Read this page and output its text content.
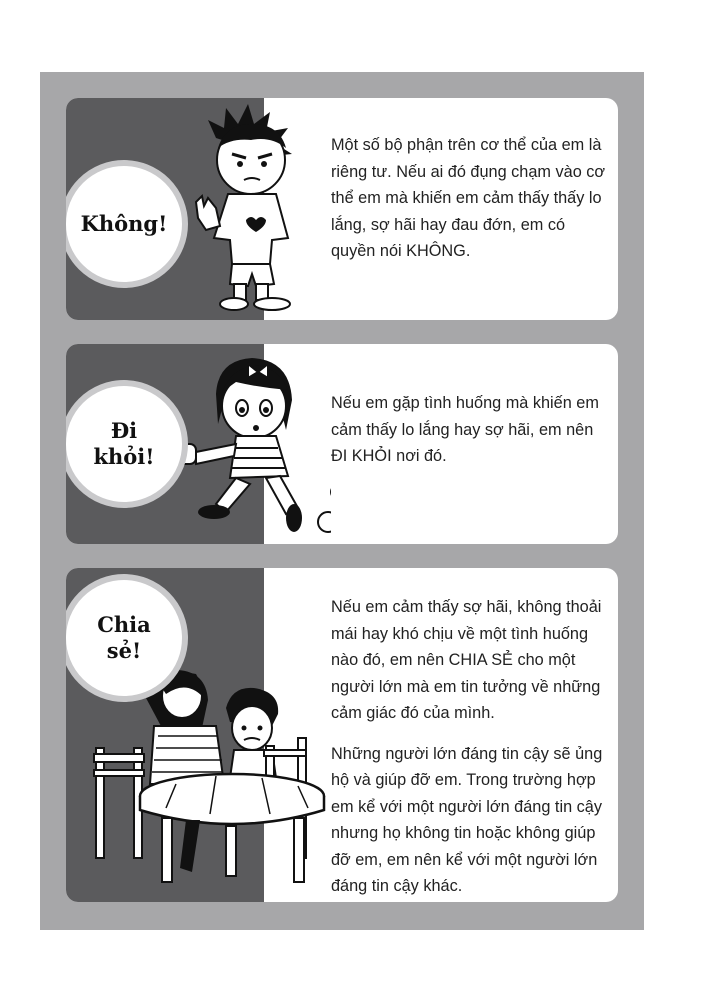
Không!

Một số bộ phận trên cơ thể của em là riêng tư. Nếu ai đó đụng chạm vào cơ thể em mà khiến em cảm thấy thấy lo lắng, sợ hãi hay đau đớn, em có quyền nói KHÔNG.

Đi
khỏi!

Nếu em gặp tình huống mà khiến em cảm thấy lo lắng hay sợ hãi, em nên ĐI KHỎI nơi đó.

Chia
sẻ!

Nếu em cảm thấy sợ hãi, không thoải mái hay khó chịu về một tình huống nào đó, em nên CHIA SẺ cho một người lớn mà em tin tưởng về những cảm giác đó của mình.

Những người lớn đáng tin cậy sẽ ủng hộ và giúp đỡ em. Trong trường hợp em kể với một người lớn đáng tin cậy nhưng họ không tin hoặc không giúp đỡ em, em nên kể với một người lớn đáng tin cậy khác.
